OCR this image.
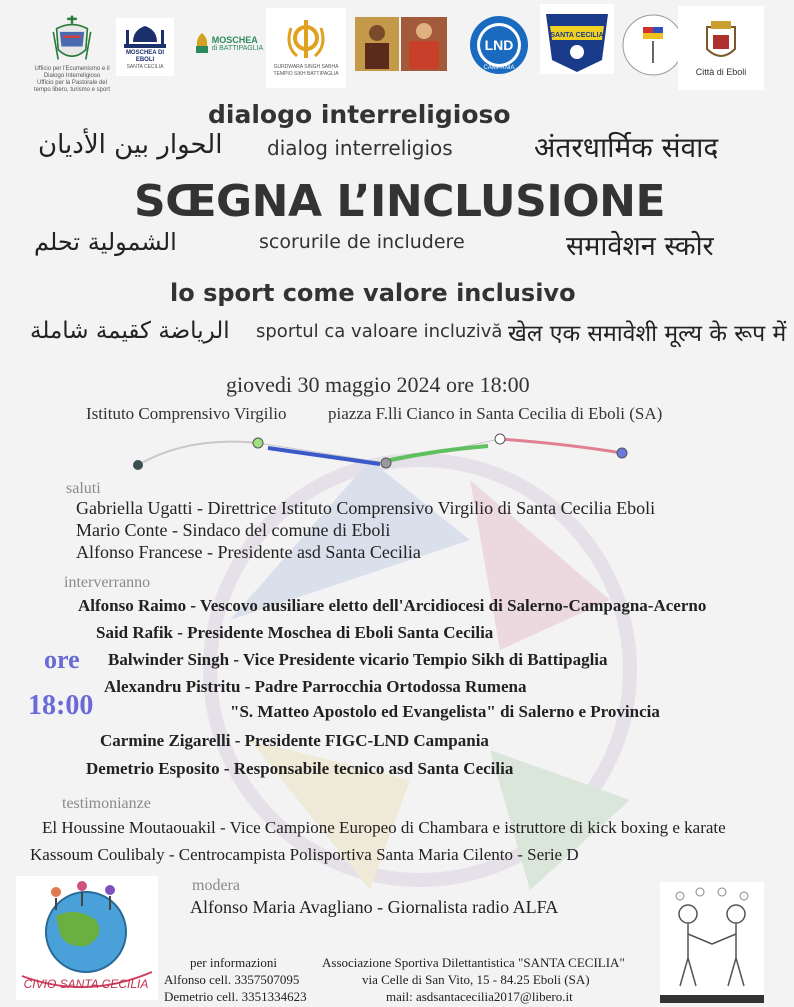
Ufficio per l'Ecumenismo e il Dialogo Interreligioso
Ufficio per la Pastorale del tempo libero, turismo e sport
MOSCHEA DI EBOLI
SANTA CECILIA
MOSCHEA
di BATTIPAGLIA
GURDWARA SINGH SABHA
TEMPIO SIKH BATTIPAGLIA
LND
CAMPANIA
SANTA CECILIA
Città di Eboli
dialogo interreligioso
الحوار بين الأديان dialog interreligios	अंतरधार्मिक संवाद
SŒGNA L’INCLUSIONE
الشمولية تحلم	scorurile de includere	समावेशन स्कोर
lo sport come valore inclusivo
الرياضة كقيمة شاملة sportul ca valoare incluzivă खेल एक समावेशी मूल्य के रूप में
giovedi 30 maggio 2024 ore 18:00
Istituto Comprensivo Virgilio piazza F.lli Cianco in Santa Cecilia di Eboli (SA)
saluti
Gabriella Ugatti - Direttrice Istituto Comprensivo Virgilio di Santa Cecilia Eboli
Mario Conte - Sindaco del comune di Eboli
Alfonso Francese - Presidente asd Santa Cecilia
interverranno
Alfonso Raimo - Vescovo ausiliare eletto dell'Arcidiocesi di Salerno-Campagna-Acerno
Said Rafik - Presidente Moschea di Eboli Santa Cecilia
ore Balwinder Singh - Vice Presidente vicario Tempio Sikh di Battipaglia
Alexandru Pistritu - Padre Parrocchia Ortodossa Rumena
18:00	"S. Matteo Apostolo ed Evangelista" di Salerno e Provincia
Carmine Zigarelli - Presidente FIGC-LND Campania
Demetrio Esposito - Responsabile tecnico asd Santa Cecilia
testimonianze
El Houssine Moutaouakil - Vice Campione Europeo di Chambara e istruttore di kick boxing e karate
Kassoum Coulibaly - Centrocampista Polisportiva Santa Maria Cilento - Serie D
modera
Alfonso Maria Avagliano - Giornalista radio ALFA
CIVIO SANTA CECILIA
per informazioni
Alfonso cell. 3357507095
Demetrio cell. 3351334623
Associazione Sportiva Dilettantistica "SANTA CECILIA"
via Celle di San Vito, 15 - 84.25 Eboli (SA)
mail: asdsantacecilia2017@libero.it
